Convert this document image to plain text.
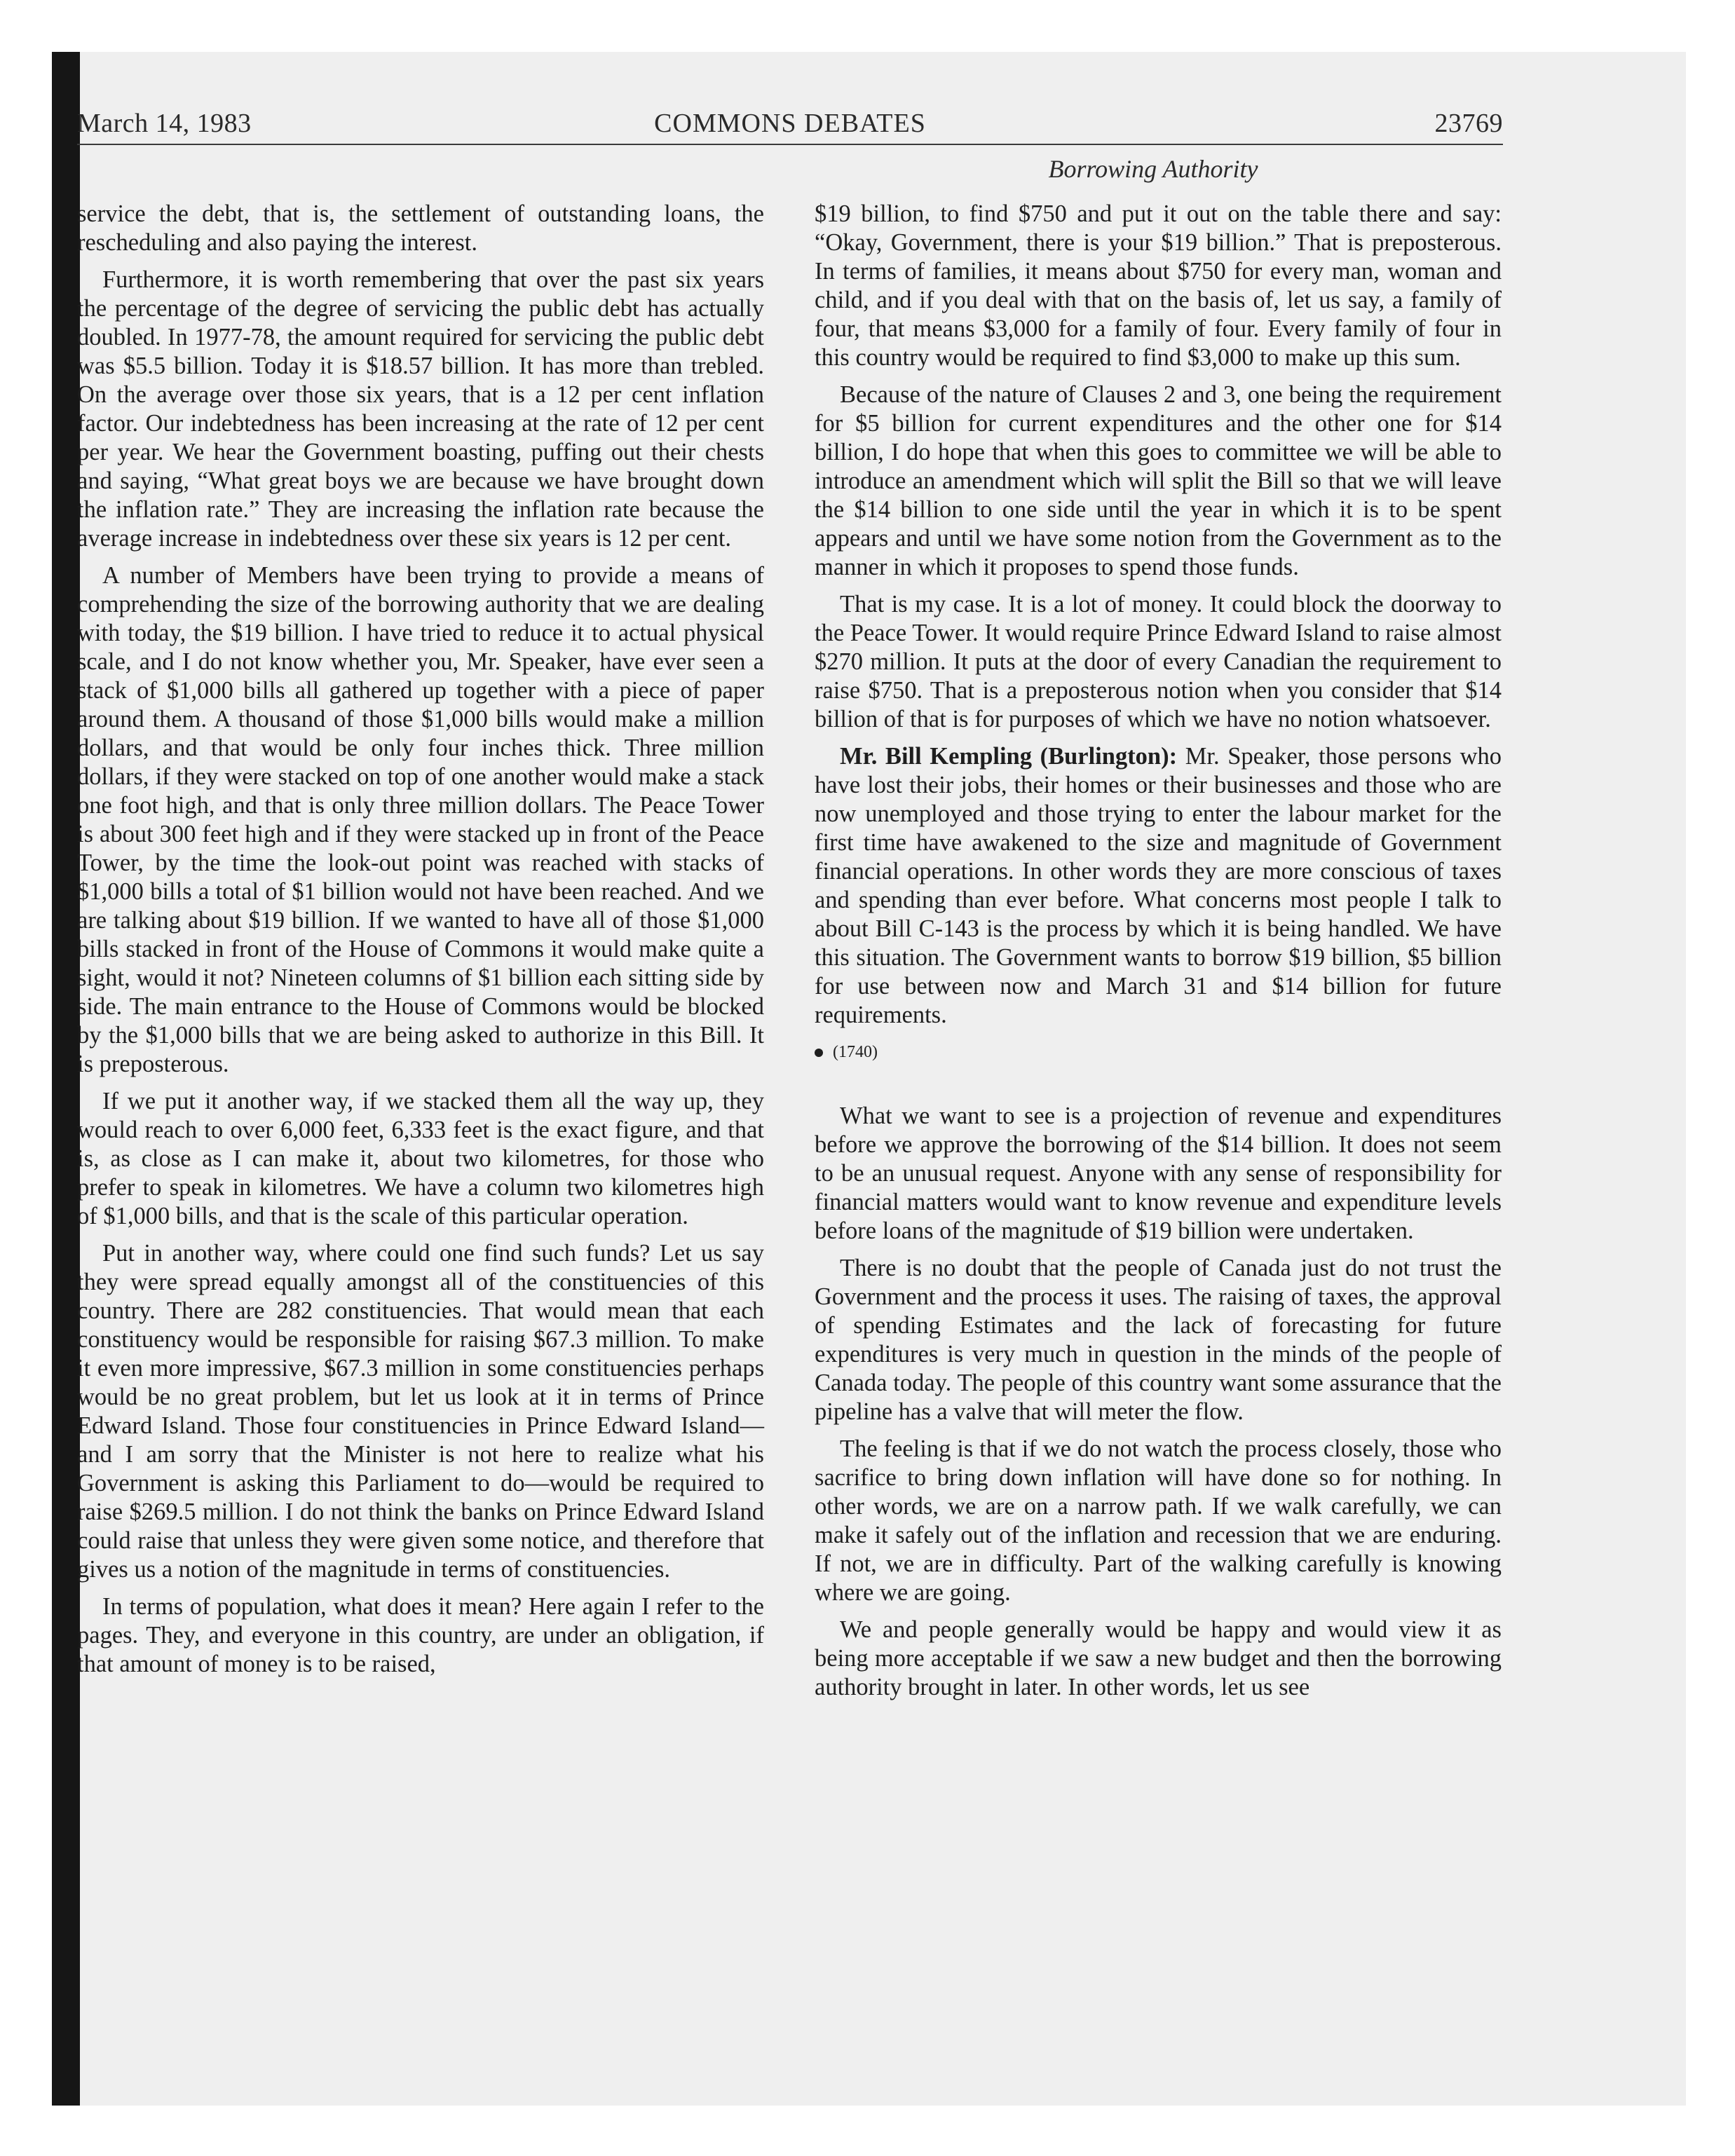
March 14, 1983	COMMONS DEBATES	23769
Borrowing Authority

service the debt, that is, the settlement of outstanding loans, the rescheduling and also paying the interest.

Furthermore, it is worth remembering that over the past six years the percentage of the degree of servicing the public debt has actually doubled. In 1977-78, the amount required for servicing the public debt was $5.5 billion. Today it is $18.57 billion. It has more than trebled. On the average over those six years, that is a 12 per cent inflation factor. Our indebtedness has been increasing at the rate of 12 per cent per year. We hear the Government boasting, puffing out their chests and saying, “What great boys we are because we have brought down the inflation rate.” They are increasing the inflation rate because the average increase in indebtedness over these six years is 12 per cent.

A number of Members have been trying to provide a means of comprehending the size of the borrowing authority that we are dealing with today, the $19 billion. I have tried to reduce it to actual physical scale, and I do not know whether you, Mr. Speaker, have ever seen a stack of $1,000 bills all gathered up together with a piece of paper around them. A thousand of those $1,000 bills would make a million dollars, and that would be only four inches thick. Three million dollars, if they were stacked on top of one another would make a stack one foot high, and that is only three million dollars. The Peace Tower is about 300 feet high and if they were stacked up in front of the Peace Tower, by the time the look-out point was reached with stacks of $1,000 bills a total of $1 billion would not have been reached. And we are talking about $19 billion. If we wanted to have all of those $1,000 bills stacked in front of the House of Commons it would make quite a sight, would it not? Nineteen columns of $1 billion each sitting side by side. The main entrance to the House of Commons would be blocked by the $1,000 bills that we are being asked to authorize in this Bill. It is preposterous.

If we put it another way, if we stacked them all the way up, they would reach to over 6,000 feet, 6,333 feet is the exact figure, and that is, as close as I can make it, about two kilometres, for those who prefer to speak in kilometres. We have a column two kilometres high of $1,000 bills, and that is the scale of this particular operation.

Put in another way, where could one find such funds? Let us say they were spread equally amongst all of the constituencies of this country. There are 282 constituencies. That would mean that each constituency would be responsible for raising $67.3 million. To make it even more impressive, $67.3 million in some constituencies perhaps would be no great problem, but let us look at it in terms of Prince Edward Island. Those four constituencies in Prince Edward Island—and I am sorry that the Minister is not here to realize what his Government is asking this Parliament to do—would be required to raise $269.5 million. I do not think the banks on Prince Edward Island could raise that unless they were given some notice, and therefore that gives us a notion of the magnitude in terms of constituencies.

In terms of population, what does it mean? Here again I refer to the pages. They, and everyone in this country, are under an obligation, if that amount of money is to be raised,

$19 billion, to find $750 and put it out on the table there and say: “Okay, Government, there is your $19 billion.” That is preposterous. In terms of families, it means about $750 for every man, woman and child, and if you deal with that on the basis of, let us say, a family of four, that means $3,000 for a family of four. Every family of four in this country would be required to find $3,000 to make up this sum.

Because of the nature of Clauses 2 and 3, one being the requirement for $5 billion for current expenditures and the other one for $14 billion, I do hope that when this goes to committee we will be able to introduce an amendment which will split the Bill so that we will leave the $14 billion to one side until the year in which it is to be spent appears and until we have some notion from the Government as to the manner in which it proposes to spend those funds.

That is my case. It is a lot of money. It could block the doorway to the Peace Tower. It would require Prince Edward Island to raise almost $270 million. It puts at the door of every Canadian the requirement to raise $750. That is a preposterous notion when you consider that $14 billion of that is for purposes of which we have no notion whatsoever.

Mr. Bill Kempling (Burlington): Mr. Speaker, those persons who have lost their jobs, their homes or their businesses and those who are now unemployed and those trying to enter the labour market for the first time have awakened to the size and magnitude of Government financial operations. In other words they are more conscious of taxes and spending than ever before. What concerns most people I talk to about Bill C-143 is the process by which it is being handled. We have this situation. The Government wants to borrow $19 billion, $5 billion for use between now and March 31 and $14 billion for future requirements.

(1740)

What we want to see is a projection of revenue and expenditures before we approve the borrowing of the $14 billion. It does not seem to be an unusual request. Anyone with any sense of responsibility for financial matters would want to know revenue and expenditure levels before loans of the magnitude of $19 billion were undertaken.

There is no doubt that the people of Canada just do not trust the Government and the process it uses. The raising of taxes, the approval of spending Estimates and the lack of forecasting for future expenditures is very much in question in the minds of the people of Canada today. The people of this country want some assurance that the pipeline has a valve that will meter the flow.

The feeling is that if we do not watch the process closely, those who sacrifice to bring down inflation will have done so for nothing. In other words, we are on a narrow path. If we walk carefully, we can make it safely out of the inflation and recession that we are enduring. If not, we are in difficulty. Part of the walking carefully is knowing where we are going.

We and people generally would be happy and would view it as being more acceptable if we saw a new budget and then the borrowing authority brought in later. In other words, let us see
